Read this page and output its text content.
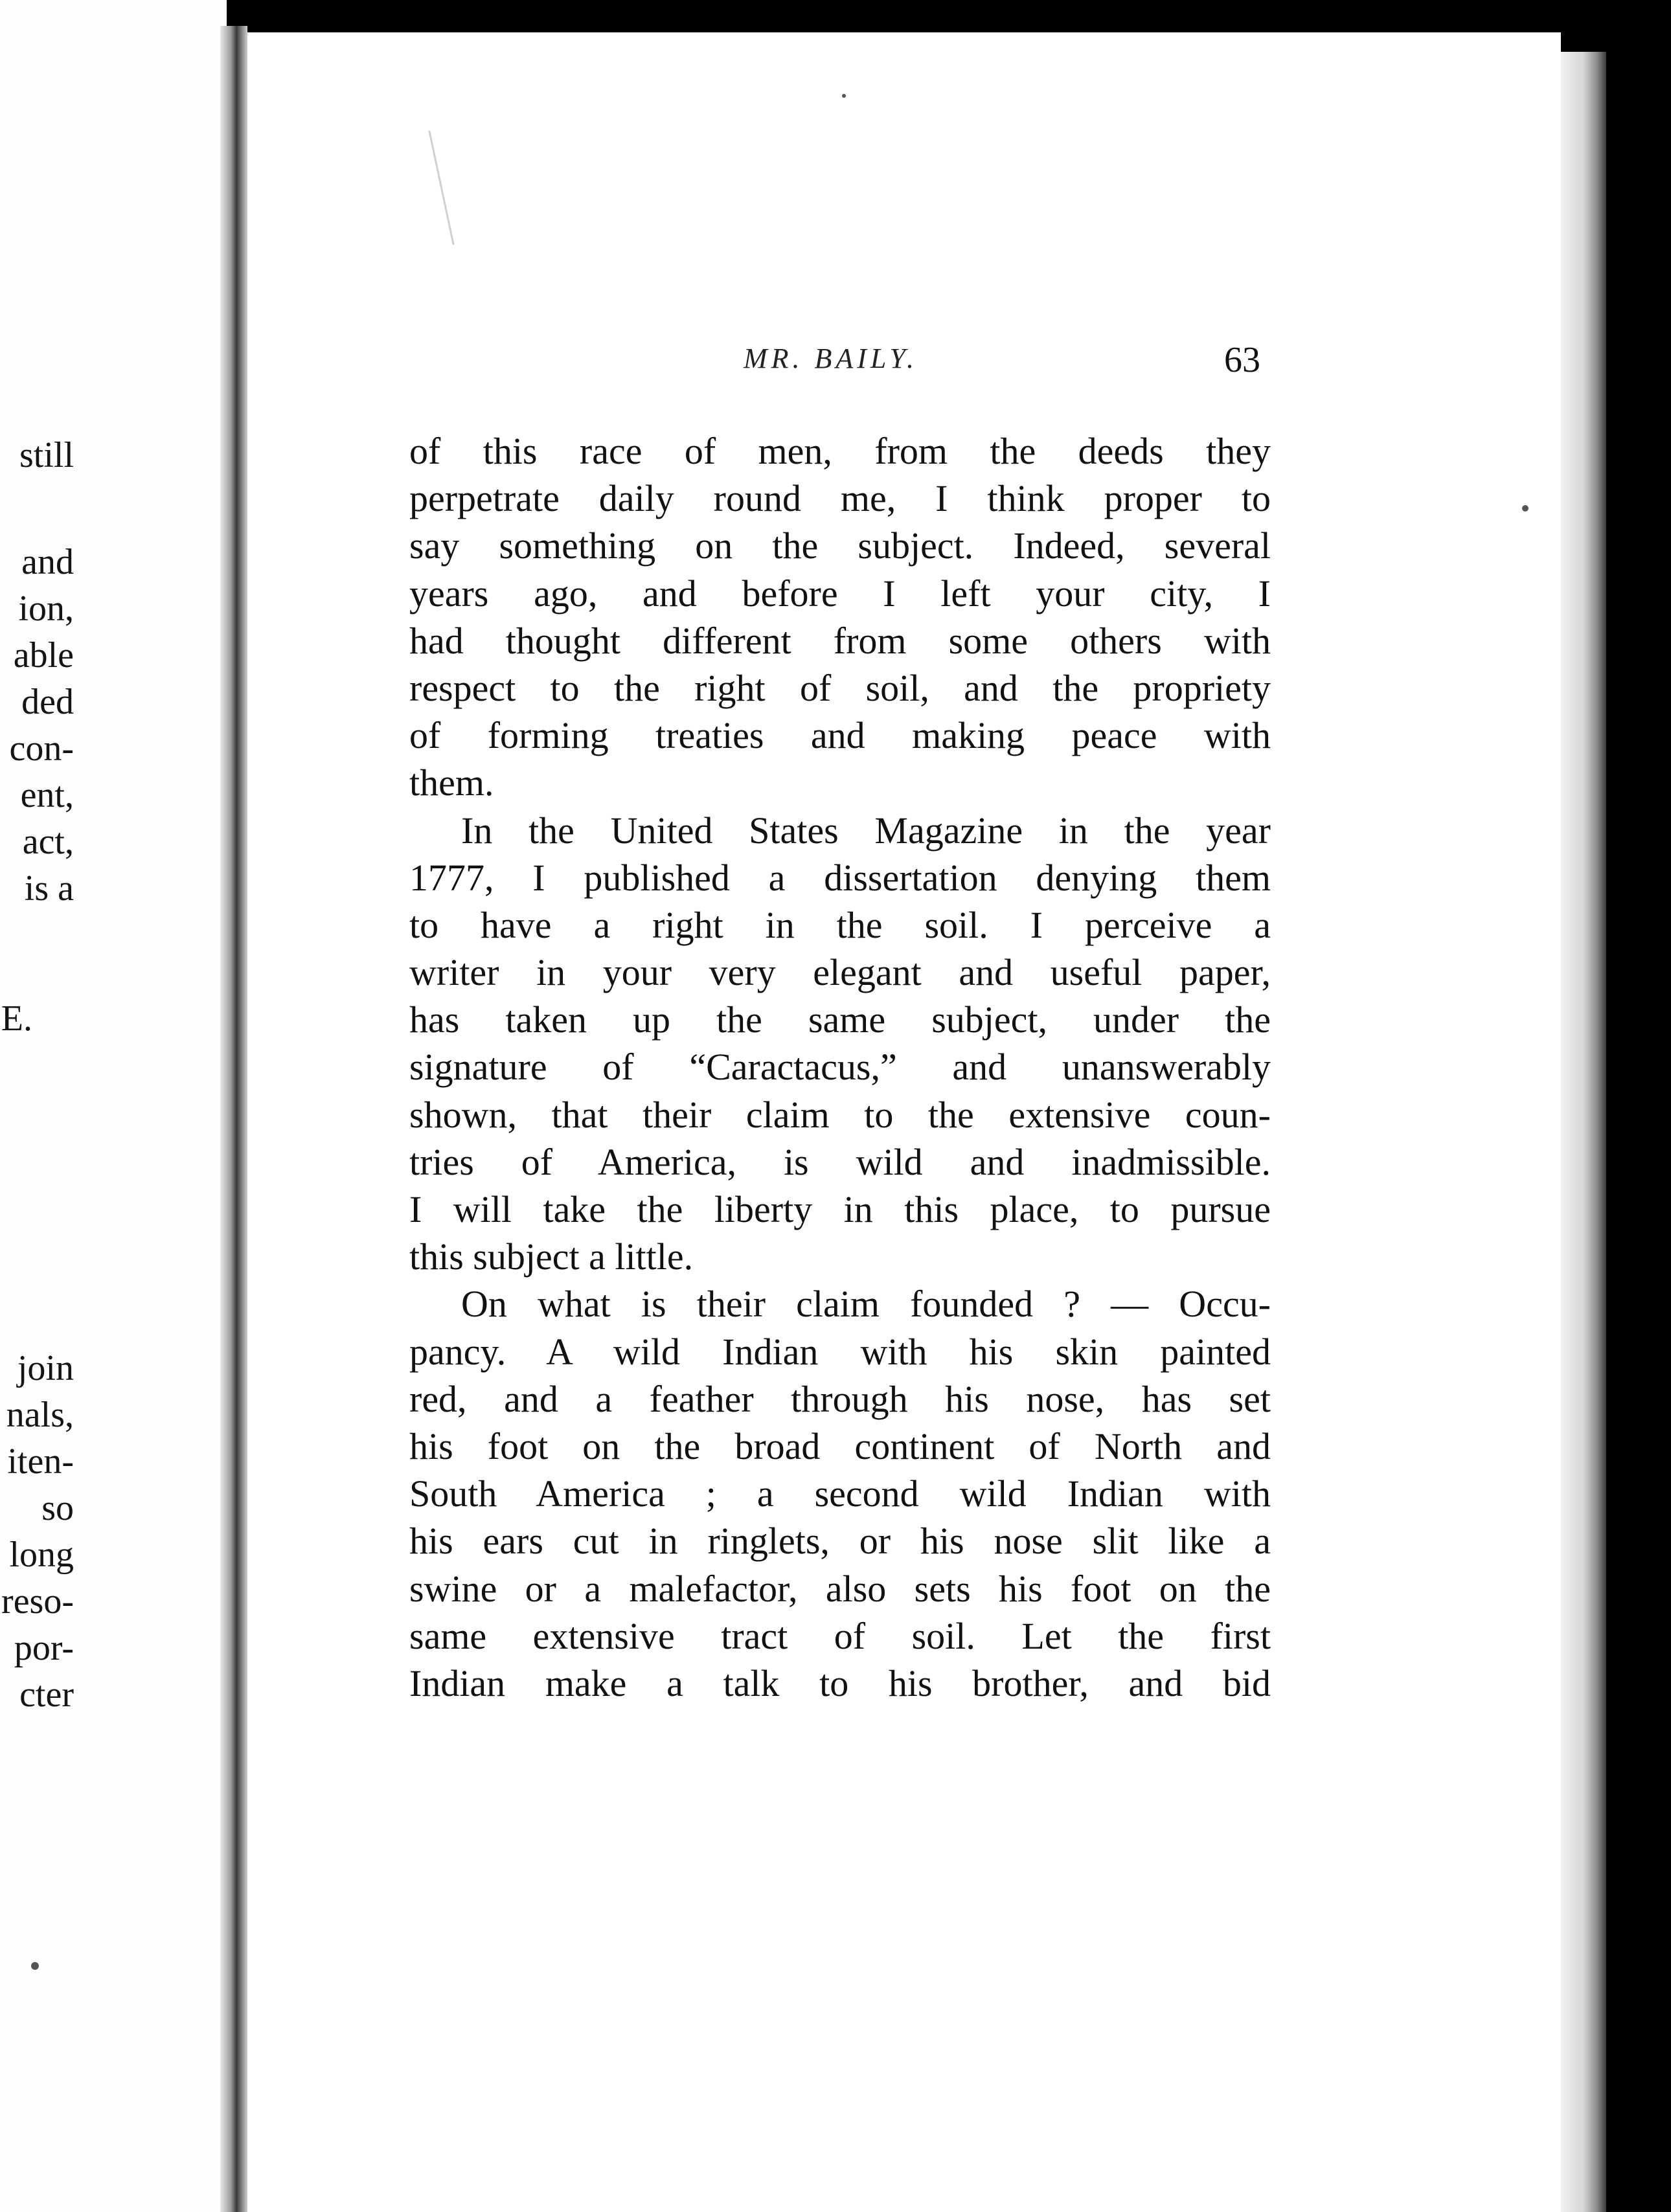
still
and
ion,
able
ded
con-
ent,
act,
is a
E.
join
nals,
iten-
so
long
reso-
por-
cter
MR. BAILY.	63
of this race of men, from the deeds they
perpetrate daily round me, I think proper to
say something on the subject. Indeed, several
years ago, and before I left your city, I
had thought different from some others with
respect to the right of soil, and the propriety
of forming treaties and making peace with
them.
In the United States Magazine in the year
1777, I published a dissertation denying them
to have a right in the soil. I perceive a
writer in your very elegant and useful paper,
has taken up the same subject, under the
signature of “Caractacus,” and unanswerably
shown, that their claim to the extensive coun-
tries of America, is wild and inadmissible.
I will take the liberty in this place, to pursue
this subject a little.
On what is their claim founded ? — Occu-
pancy. A wild Indian with his skin painted
red, and a feather through his nose, has set
his foot on the broad continent of North and
South America ; a second wild Indian with
his ears cut in ringlets, or his nose slit like a
swine or a malefactor, also sets his foot on the
same extensive tract of soil. Let the first
Indian make a talk to his brother, and bid
